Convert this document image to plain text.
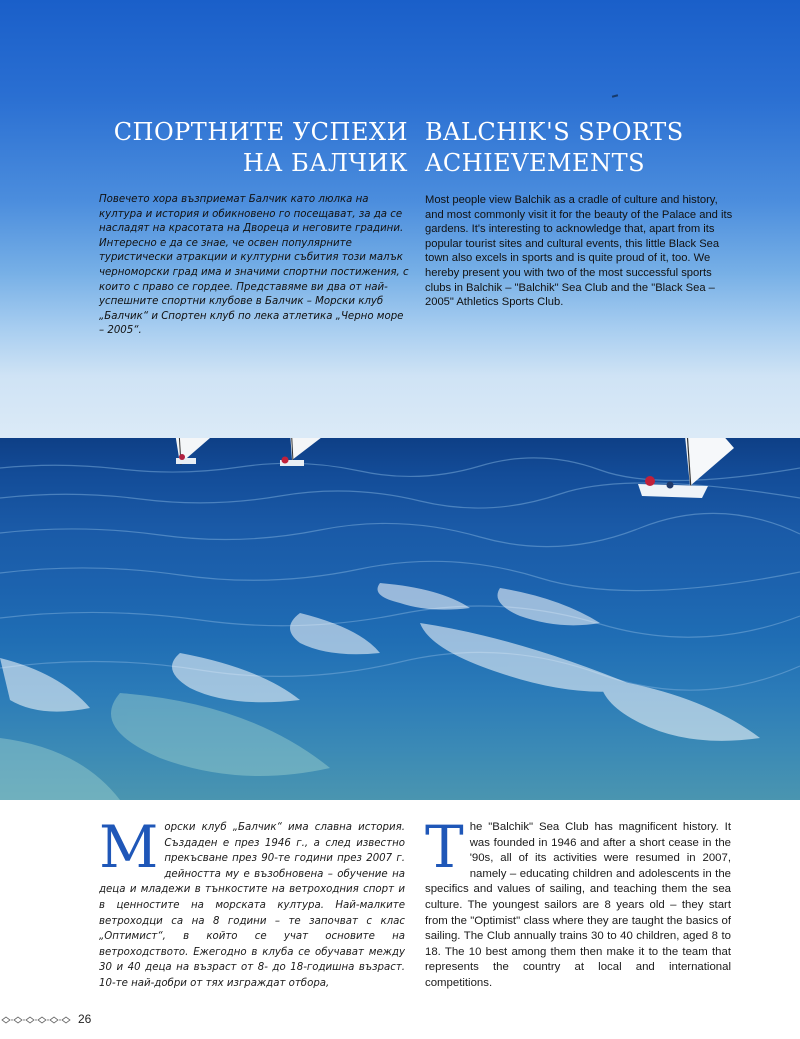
СПОРТНИТЕ УСПЕХИ
НА БАЛЧИК
BALCHIK'S SPORTS
ACHIEVEMENTS

Повечето хора възприемат Балчик като люлка на култура и история и обикновено го посещават, за да се насладят на красотата на Двореца и неговите градини. Интересно е да се знае, че освен популярните туристически атракции и културни събития този малък черноморски град има и значими спортни постижения, с които с право се гордее. Представяме ви два от най-успешните спортни клубове в Балчик – Морски клуб „Балчик“ и Спортен клуб по лека атлетика „Черно море – 2005“.

Most people view Balchik as a cradle of culture and history, and most commonly visit it for the beauty of the Palace and its gardens. It's interesting to acknowledge that, apart from its popular tourist sites and cultural events, this little Black Sea town also excels in sports and is quite proud of it, too. We hereby present you with two of the most successful sports clubs in Balchik – "Balchik" Sea Club and the "Black Sea – 2005" Athletics Sports Club.

М орски клуб „Балчик“ има славна история. Създаден е през 1946 г., а след известно прекъсване през 90-те години през 2007 г. дейността му е възобновена – обучение на деца и младежи в тънкостите на ветроходния спорт и в ценностите на морската култура. Най-малките ветроходци са на 8 години – те започват с клас „Оптимист“, в който се учат основите на ветроходството. Ежегодно в клуба се обучават между 30 и 40 деца на възраст от 8- до 18-годишна възраст. 10-те най-добри от тях изграждат отбора,
T he "Balchik" Sea Club has magnificent history. It was founded in 1946 and after a short cease in the '90s, all of its activities were resumed in 2007, namely – educating children and adolescents in the specifics and values of sailing, and teaching them the sea culture. The youngest sailors are 8 years old – they start from the "Optimist" class where they are taught the basics of sailing. The Club annually trains 30 to 40 children, aged 8 to 18. The 10 best among them then make it to the team that represents the country at local and international competitions.
26
